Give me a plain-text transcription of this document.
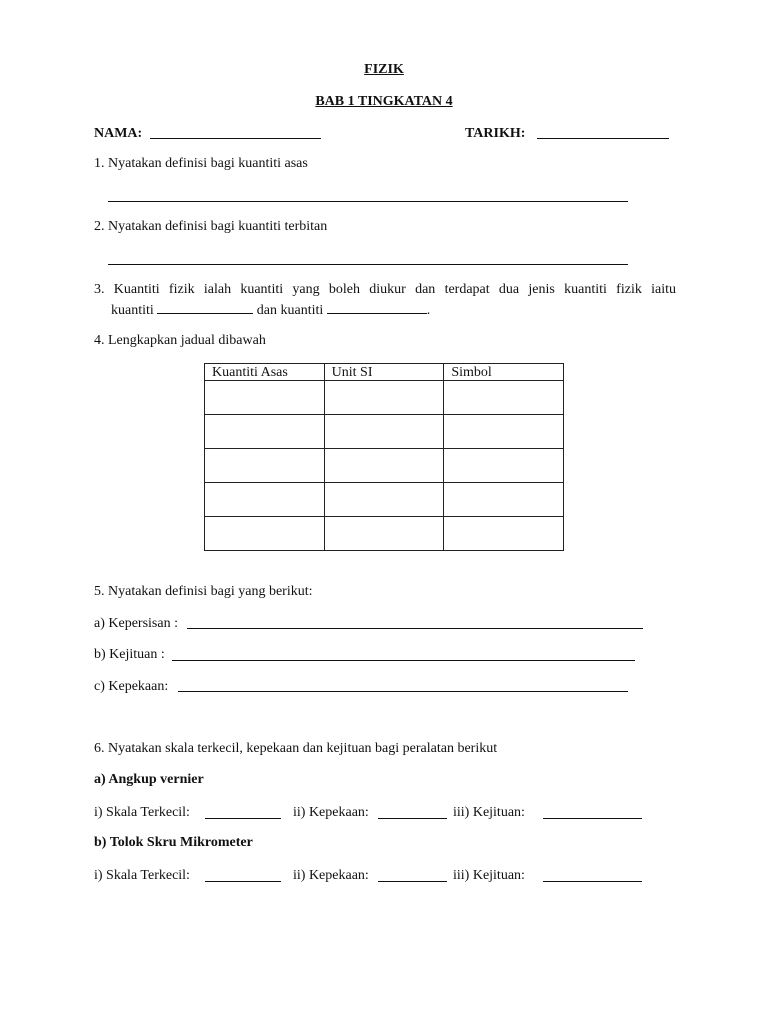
FIZIK
BAB 1 TINGKATAN 4
NAMA:	TARIKH:
1. Nyatakan definisi bagi kuantiti asas
2. Nyatakan definisi bagi kuantiti terbitan
3. Kuantiti fizik ialah kuantiti yang boleh diukur dan terdapat dua jenis kuantiti fizik iaitu
kuantiti	dan kuantiti	.
4. Lengkapkan jadual dibawah
Kuantiti Asas	Unit SI	Simbol

5. Nyatakan definisi bagi yang berikut:
a) Kepersisan :
b) Kejituan :
c) Kepekaan:
6. Nyatakan skala terkecil, kepekaan dan kejituan bagi peralatan berikut
a) Angkup vernier
i) Skala Terkecil:	ii) Kepekaan:	iii) Kejituan:
b) Tolok Skru Mikrometer
i) Skala Terkecil:	ii) Kepekaan:	iii) Kejituan:
